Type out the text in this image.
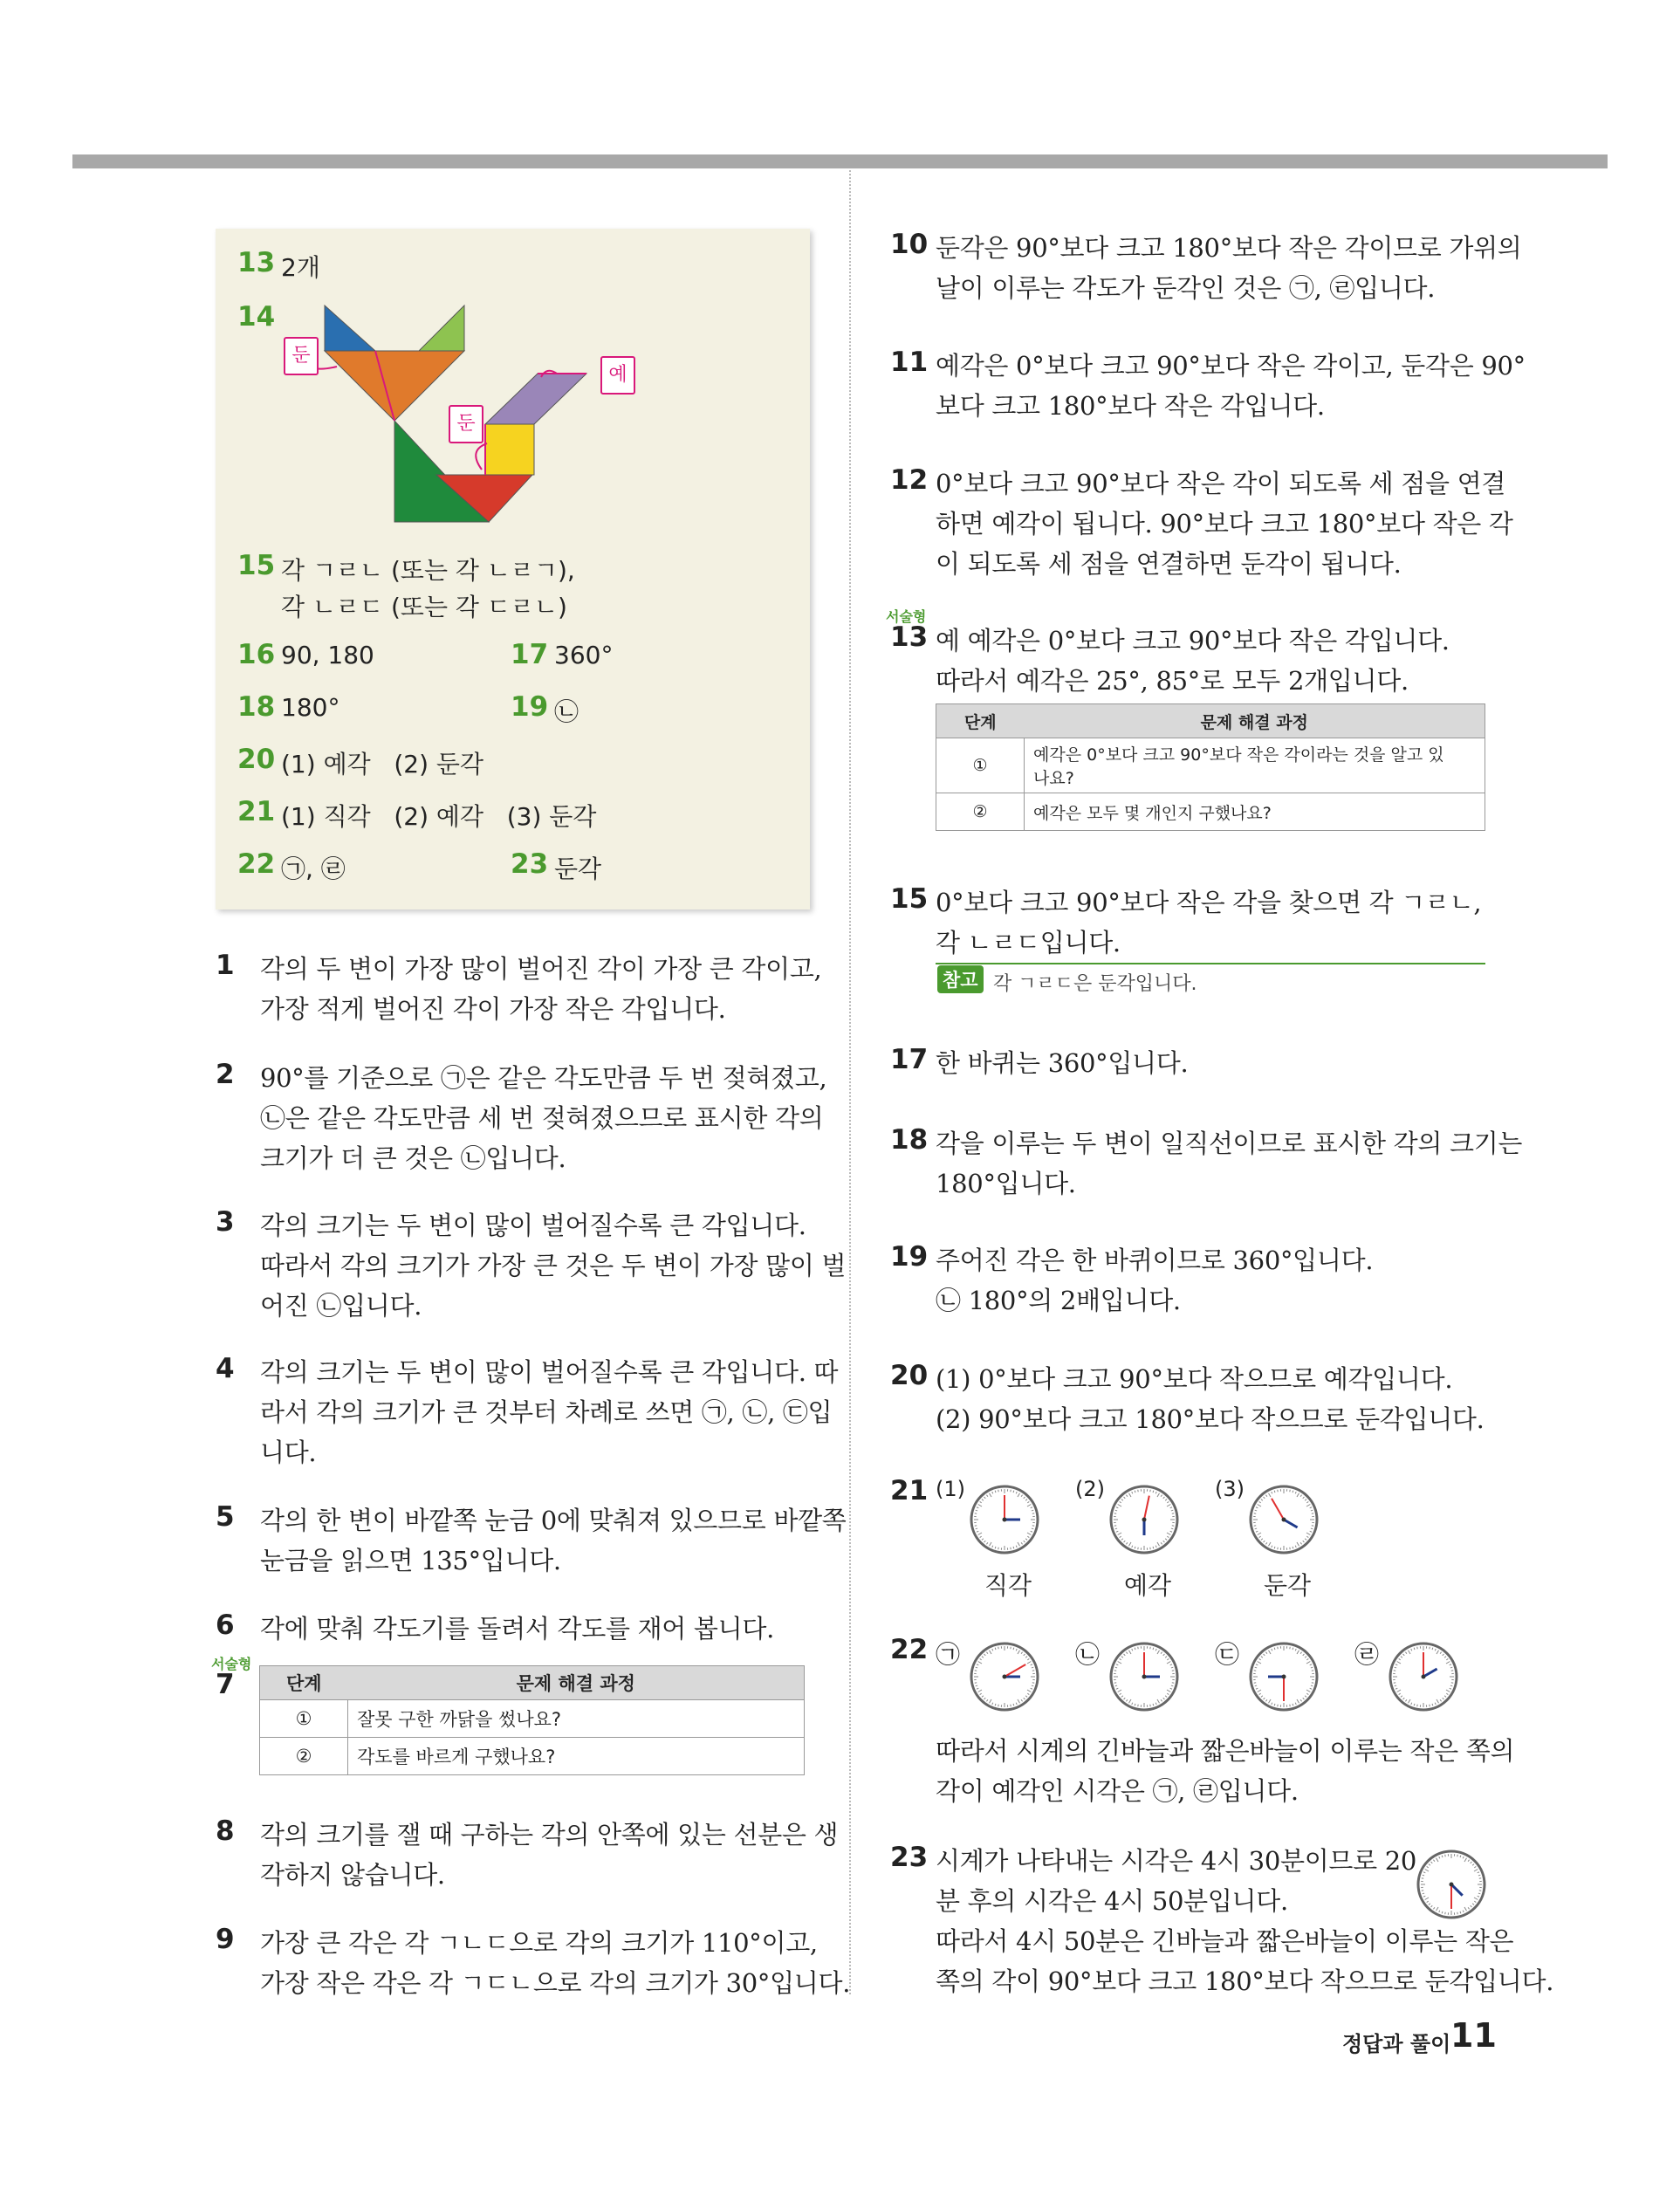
13 2개
14
둔
둔
예
15 각 ㄱㄹㄴ (또는 각 ㄴㄹㄱ),
각 ㄴㄹㄷ (또는 각 ㄷㄹㄴ)
16 90, 180	17 360°
18 180°	19 ㉡
20 (1) 예각   (2) 둔각
21 (1) 직각   (2) 예각   (3) 둔각
22 ㉠, ㉣	23 둔각
1 각의 두 변이 가장 많이 벌어진 각이 가장 큰 각이고,
가장 적게 벌어진 각이 가장 작은 각입니다.
2 90°를 기준으로 ㉠은 같은 각도만큼 두 번 젖혀졌고,
㉡은 같은 각도만큼 세 번 젖혀졌으므로 표시한 각의
크기가 더 큰 것은 ㉡입니다.
3 각의 크기는 두 변이 많이 벌어질수록 큰 각입니다.
따라서 각의 크기가 가장 큰 것은 두 변이 가장 많이 벌
어진 ㉡입니다.
4 각의 크기는 두 변이 많이 벌어질수록 큰 각입니다. 따
라서 각의 크기가 큰 것부터 차례로 쓰면 ㉠, ㉡, ㉢입
니다.
5 각의 한 변이 바깥쪽 눈금 0에 맞춰져 있으므로 바깥쪽
눈금을 읽으면 135°입니다.
6 각에 맞춰 각도기를 돌려서 각도를 재어 봅니다.
서술형
7	단계	문제 해결 과정
①	잘못 구한 까닭을 썼나요?
②	각도를 바르게 구했나요?
8 각의 크기를 잴 때 구하는 각의 안쪽에 있는 선분은 생
각하지 않습니다.
9 가장 큰 각은 각 ㄱㄴㄷ으로 각의 크기가 110°이고,
가장 작은 각은 각 ㄱㄷㄴ으로 각의 크기가 30°입니다.
10 둔각은 90°보다 크고 180°보다 작은 각이므로 가위의
날이 이루는 각도가 둔각인 것은 ㉠, ㉣입니다.
11 예각은 0°보다 크고 90°보다 작은 각이고, 둔각은 90°
보다 크고 180°보다 작은 각입니다.
12 0°보다 크고 90°보다 작은 각이 되도록 세 점을 연결
하면 예각이 됩니다. 90°보다 크고 180°보다 작은 각
이 되도록 세 점을 연결하면 둔각이 됩니다.
서술형
13 예 예각은 0°보다 크고 90°보다 작은 각입니다.
따라서 예각은 25°, 85°로 모두 2개입니다.
단계	문제 해결 과정
①	예각은 0°보다 크고 90°보다 작은 각이라는 것을 알고 있
나요?

②	예각은 모두 몇 개인지 구했나요?
15 0°보다 크고 90°보다 작은 각을 찾으면 각 ㄱㄹㄴ,
각 ㄴㄹㄷ입니다.
참고 각 ㄱㄹㄷ은 둔각입니다.
17 한 바퀴는 360°입니다.
18 각을 이루는 두 변이 일직선이므로 표시한 각의 크기는
180°입니다.
19 주어진 각은 한 바퀴이므로 360°입니다.
㉡ 180°의 2배입니다.
20 (1) 0°보다 크고 90°보다 작으므로 예각입니다.
(2) 90°보다 크고 180°보다 작으므로 둔각입니다.
21 (1)	(2)	(3)
직각	예각	둔각
22 ㉠	㉡	㉢	㉣
따라서 시계의 긴바늘과 짧은바늘이 이루는 작은 쪽의
각이 예각인 시각은 ㉠, ㉣입니다.
23 시계가 나타내는 시각은 4시 30분이므로 20
분 후의 시각은 4시 50분입니다.
따라서 4시 50분은 긴바늘과 짧은바늘이 이루는 작은
쪽의 각이 90°보다 크고 180°보다 작으므로 둔각입니다.
정답과 풀이 11
